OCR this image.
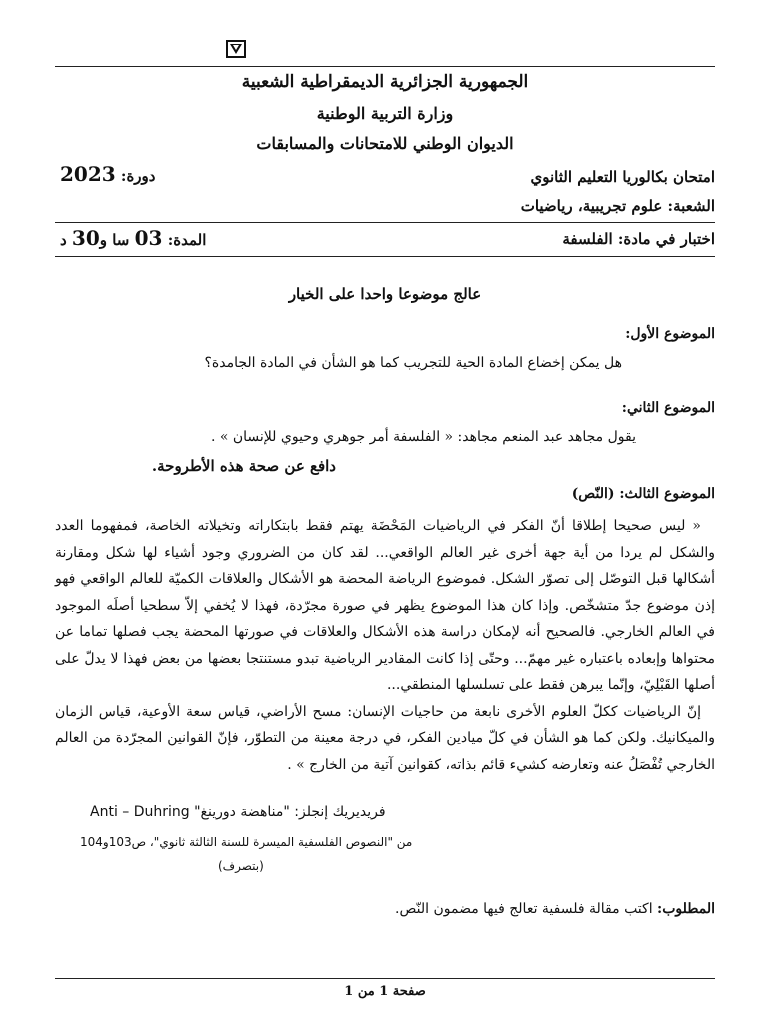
الجمهورية الجزائرية الديمقراطية الشعبية
وزارة التربية الوطنية
الديوان الوطني للامتحانات والمسابقات
امتحان بكالوريا التعليم الثانوي
دورة: 2023
الشعبة: علوم تجريبية، رياضيات
اختبار في مادة: الفلسفة
المدة: 03 سا و30 د
عالج موضوعا واحدا على الخيار
الموضوع الأول:
هل يمكن إخضاع المادة الحية للتجريب كما هو الشأن في المادة الجامدة؟
الموضوع الثاني:
يقول مجاهد عبد المنعم مجاهد: « الفلسفة أمر جوهري وحيوي للإنسان » .
دافع عن صحة هذه الأطروحة.
الموضوع الثالث: (النّص)

« ليس صحيحا إطلاقا أنّ الفكر في الرياضيات المَحْضَة يهتم فقط بابتكاراته وتخيلاته الخاصة، فمفهوما العدد والشكل لم يردا من أية جهة أخرى غير العالم الواقعي... لقد كان من الضروري وجود أشياء لها شكل ومقارنة أشكالها قبل التوصّل إلى تصوّر الشكل. فموضوع الرياضة المحضة هو الأشكال والعلاقات الكميّة للعالم الواقعي فهو إذن موضوع جدّ متشخّص. وإذا كان هذا الموضوع يظهر في صورة مجرّدة، فهذا لا يُخفي إلاّ سطحيا أصلَه الموجود في العالم الخارجي. فالصحيح أنه لإمكان دراسة هذه الأشكال والعلاقات في صورتها المحضة يجب فصلها تماما عن محتواها وإبعاده باعتباره غير مهمّ... وحتّى إذا كانت المقادير الرياضية تبدو مستنتجا بعضها من بعض فهذا لا يدلّ على أصلها القَبْلِيّ، وإنّما يبرهن فقط على تسلسلها المنطقي...

إنّ الرياضيات ككلّ العلوم الأخرى نابعة من حاجيات الإنسان: مسح الأراضي، قياس سعة الأوعية، قياس الزمان والميكانيك. ولكن كما هو الشأن في كلّ ميادين الفكر، في درجة معينة من التطوّر، فإنّ القوانين المجرّدة من العالم الخارجي تُفْصَلُ عنه وتعارضه كشيء قائم بذاته، كقوانين آتية من الخارج » .

فريديريك إنجلز: "مناهضة دورينغ" Anti – Duhring
من "النصوص الفلسفية الميسرة للسنة الثالثة ثانوي"، ص103و104
(بتصرف)
المطلوب: اكتب مقالة فلسفية تعالج فيها مضمون النّص.
صفحة 1 من 1
